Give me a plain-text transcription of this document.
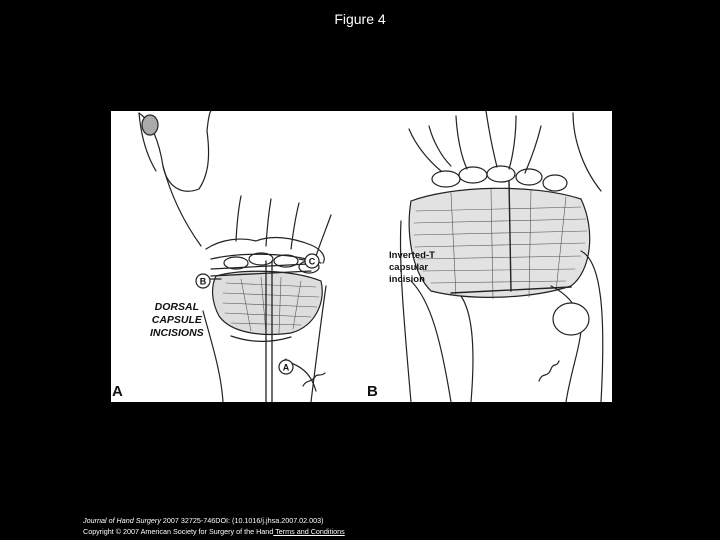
Figure 4
B
C
A
DORSAL
CAPSULE
INCISIONS
Inverted-T
capsular
incision
A	B
Journal of Hand Surgery 2007 32725-746DOI: (10.1016/j.jhsa.2007.02.003)
Copyright © 2007 American Society for Surgery of the Hand Terms and Conditions
